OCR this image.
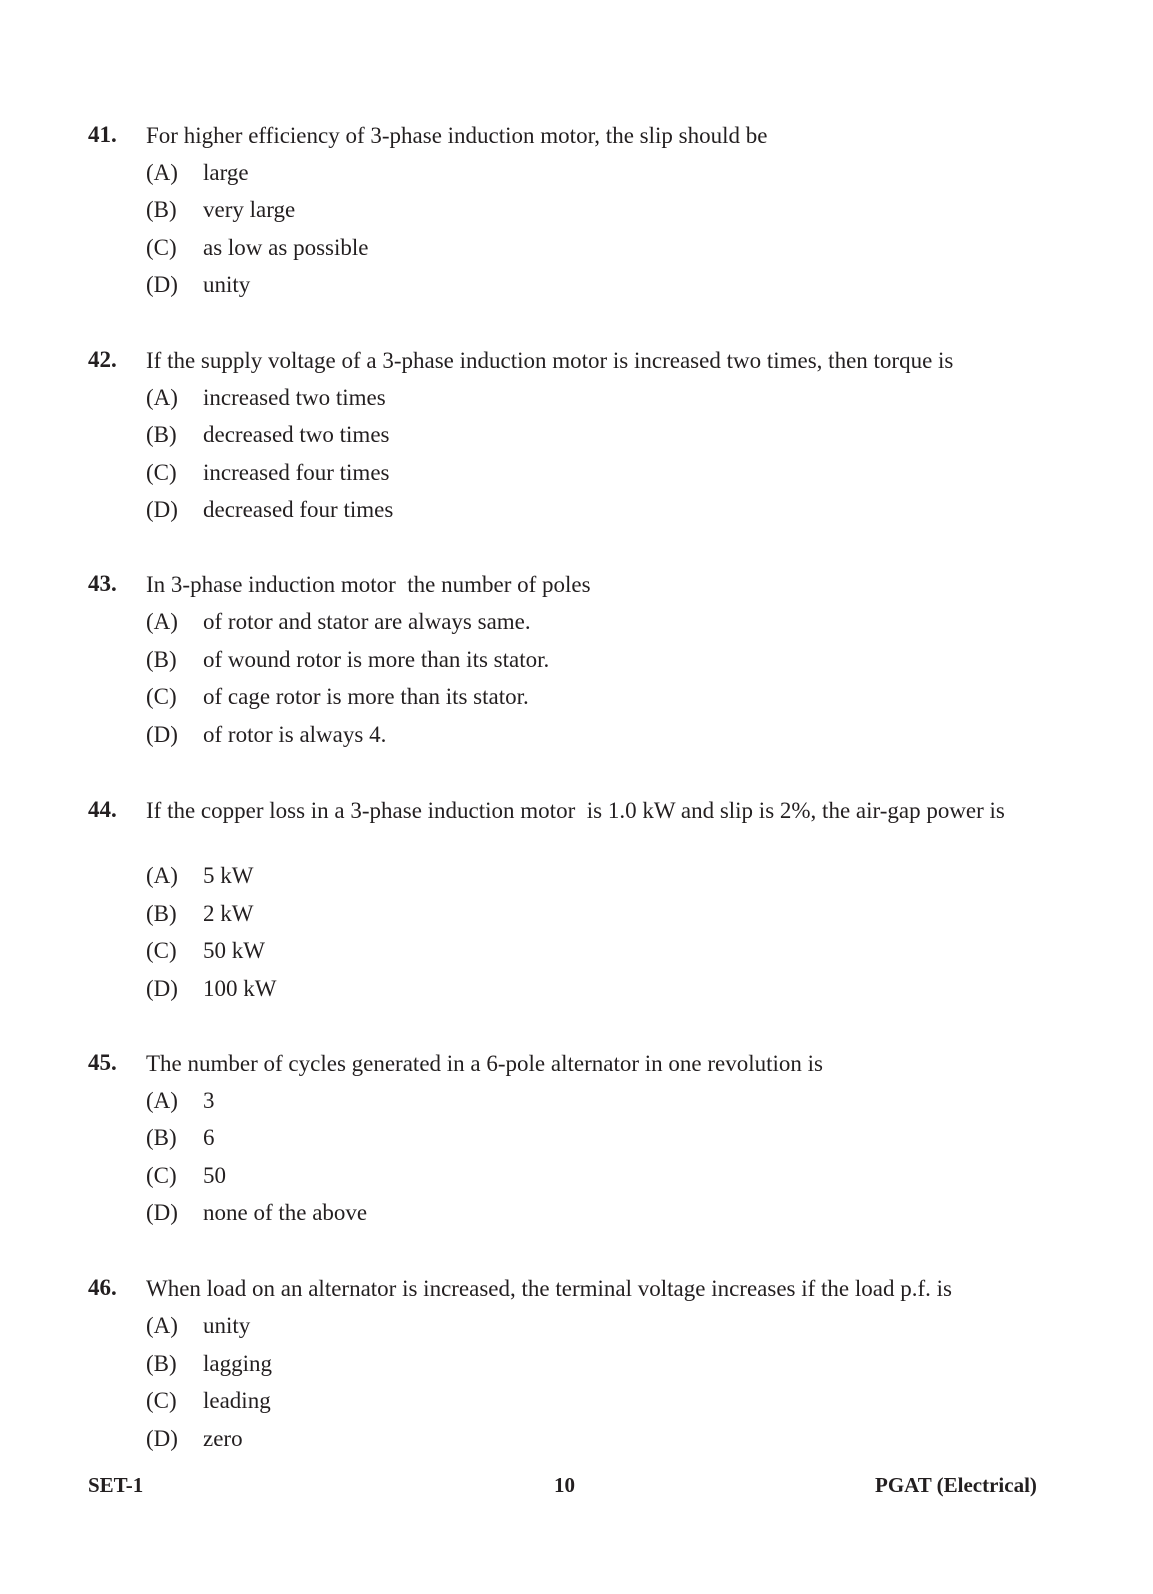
41. For higher efficiency of 3-phase induction motor, the slip should be
(A) large
(B) very large
(C) as low as possible
(D) unity
42. If the supply voltage of a 3-phase induction motor is increased two times, then torque is
(A) increased two times
(B) decreased two times
(C) increased four times
(D) decreased four times
43. In 3-phase induction motor  the number of poles
(A) of rotor and stator are always same.
(B) of wound rotor is more than its stator.
(C) of cage rotor is more than its stator.
(D) of rotor is always 4.
44. If the copper loss in a 3-phase induction motor  is 1.0 kW and slip is 2%, the air-gap power is
(A) 5 kW
(B) 2 kW
(C) 50 kW
(D) 100 kW
45. The number of cycles generated in a 6-pole alternator in one revolution is
(A) 3
(B) 6
(C) 50
(D) none of the above
46. When load on an alternator is increased, the terminal voltage increases if the load p.f. is
(A) unity
(B) lagging
(C) leading
(D) zero
SET-1	10	PGAT (Electrical)
